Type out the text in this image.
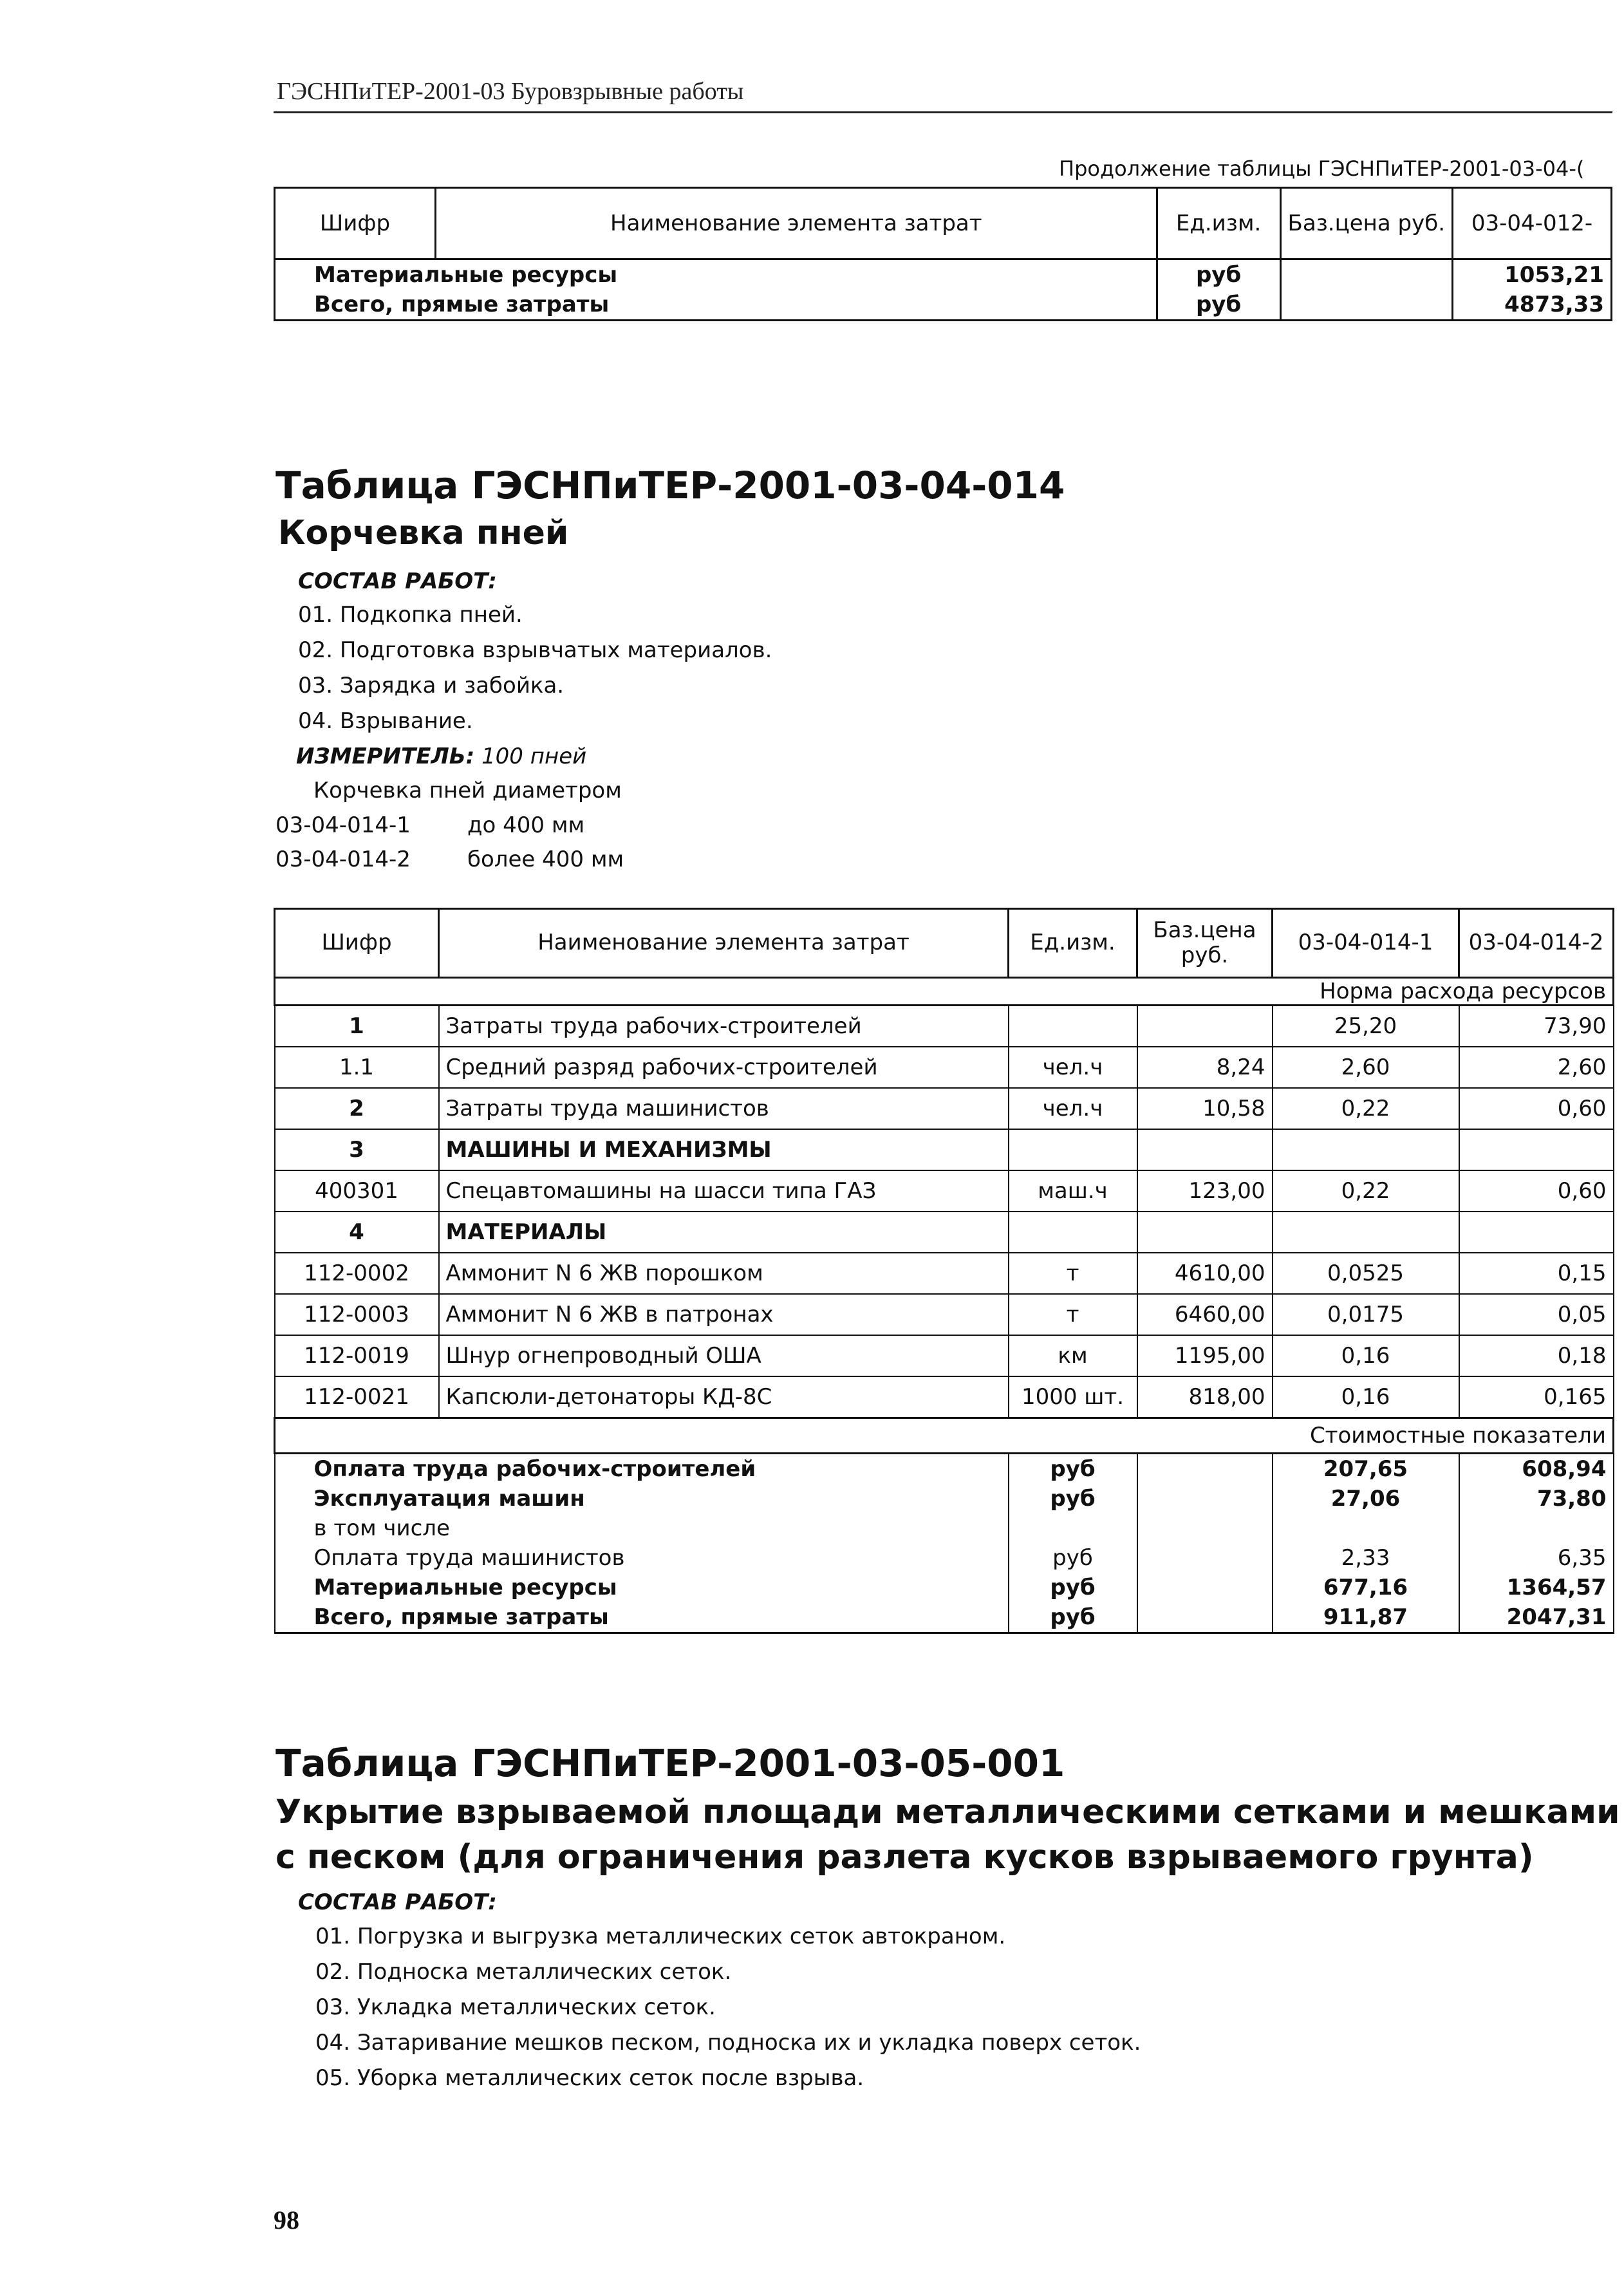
ГЭСНПиТЕР-2001-03 Буровзрывные работы
Продолжение таблицы ГЭСНПиТЕР-2001-03-04-(
Шифр	Наименование элемента затрат	Ед.изм.	Баз.цена руб.	03-04-012-
Материальные ресурсы		руб		1053,21
Всего, прямые затраты		руб		4873,33
Таблица ГЭСНПиТЕР-2001-03-04-014
Корчевка пней
СОСТАВ РАБОТ:
01. Подкопка пней.
02. Подготовка взрывчатых материалов.
03. Зарядка и забойка.
04. Взрывание.
ИЗМЕРИТЕЛЬ: 100 пней
Корчевка пней диаметром
03-04-014-1	до 400 мм
03-04-014-2	более 400 мм
Шифр	Наименование элемента затрат	Ед.изм.	Баз.цена руб.	03-04-014-1	03-04-014-2
Норма расхода ресурсов					
1	Затраты труда рабочих-строителей			25,20	73,90
1.1	Средний разряд рабочих-строителей	чел.ч	8,24	2,60	2,60
2	Затраты труда машинистов	чел.ч	10,58	0,22	0,60
3	МАШИНЫ И МЕХАНИЗМЫ				
400301	Спецавтомашины на шасси типа ГАЗ	маш.ч	123,00	0,22	0,60
4	МАТЕРИАЛЫ				
112-0002	Аммонит N 6 ЖВ порошком	т	4610,00	0,0525	0,15
112-0003	Аммонит N 6 ЖВ в патронах	т	6460,00	0,0175	0,05
112-0019	Шнур огнепроводный ОША	км	1195,00	0,16	0,18
112-0021	Капсюли-детонаторы КД-8С	1000 шт.	818,00	0,16	0,165
Стоимостные показатели					
Оплата труда рабочих-строителей		руб		207,65	608,94
Эксплуатация машин		руб		27,06	73,80
в том числе					
Оплата труда машинистов		руб		2,33	6,35
Материальные ресурсы		руб		677,16	1364,57
Всего, прямые затраты		руб		911,87	2047,31
Таблица ГЭСНПиТЕР-2001-03-05-001
Укрытие взрываемой площади металлическими сетками и мешками
с песком (для ограничения разлета кусков взрываемого грунта)
СОСТАВ РАБОТ:
01. Погрузка и выгрузка металлических сеток автокраном.
02. Подноска металлических сеток.
03. Укладка металлических сеток.
04. Затаривание мешков песком, подноска их и укладка поверх сеток.
05. Уборка металлических сеток после взрыва.
98
